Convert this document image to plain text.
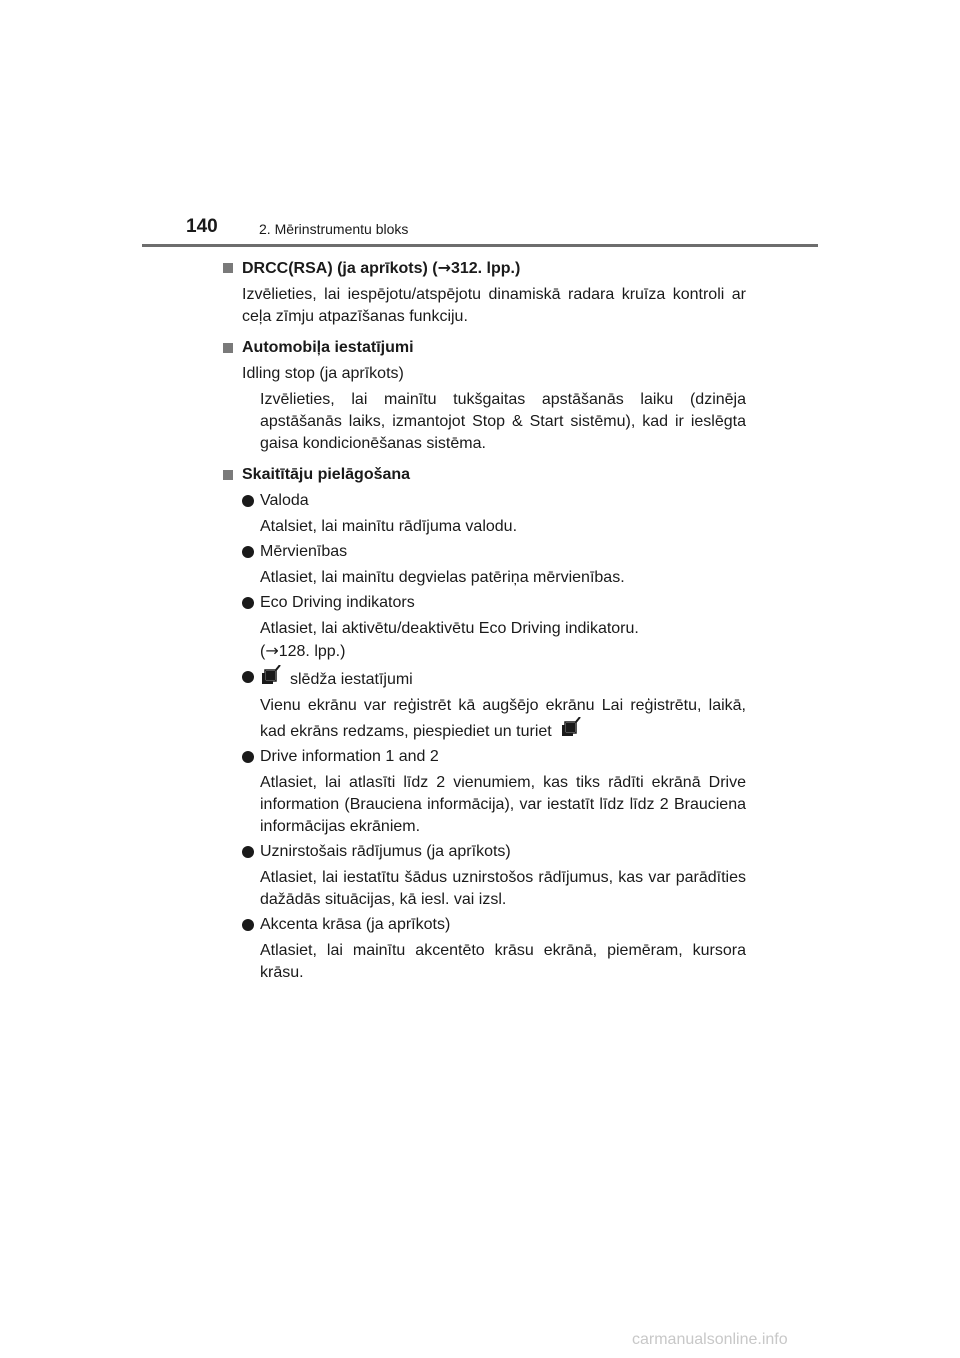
140	2. Mērinstrumentu bloks
DRCC(RSA) (ja aprīkots) (→312. lpp.)
Izvēlieties, lai iespējotu/atspējotu dinamiskā radara kruīza kontroli ar ceļa zīmju atpazīšanas funkciju.
Automobiļa iestatījumi
Idling stop (ja aprīkots)
Izvēlieties, lai mainītu tukšgaitas apstāšanās laiku (dzinēja apstāšanās laiks, izmantojot Stop & Start sistēmu), kad ir ieslēgta gaisa kondicionēšanas sistēma.
Skaitītāju pielāgošana
Valoda
Atalsiet, lai mainītu rādījuma valodu.
Mērvienības
Atlasiet, lai mainītu degvielas patēriņa mērvienības.
Eco Driving indikators
Atlasiet, lai aktivētu/deaktivētu Eco Driving indikatoru.
(→128. lpp.)
slēdža iestatījumi
Vienu ekrānu var reģistrēt kā augšējo ekrānu Lai reģistrētu, laikā, kad ekrāns redzams, piespiediet un turiet
Drive information 1 and 2
Atlasiet, lai atlasīti līdz 2 vienumiem, kas tiks rādīti ekrānā Drive information (Brauciena informācija), var iestatīt līdz līdz 2 Brauciena informācijas ekrāniem.
Uznirstošais rādījumus (ja aprīkots)
Atlasiet, lai iestatītu šādus uznirstošos rādījumus, kas var parādīties dažādās situācijas, kā iesl. vai izsl.
Akcenta krāsa (ja aprīkots)
Atlasiet, lai mainītu akcentēto krāsu ekrānā, piemēram, kursora krāsu.
carmanualsonline.info
